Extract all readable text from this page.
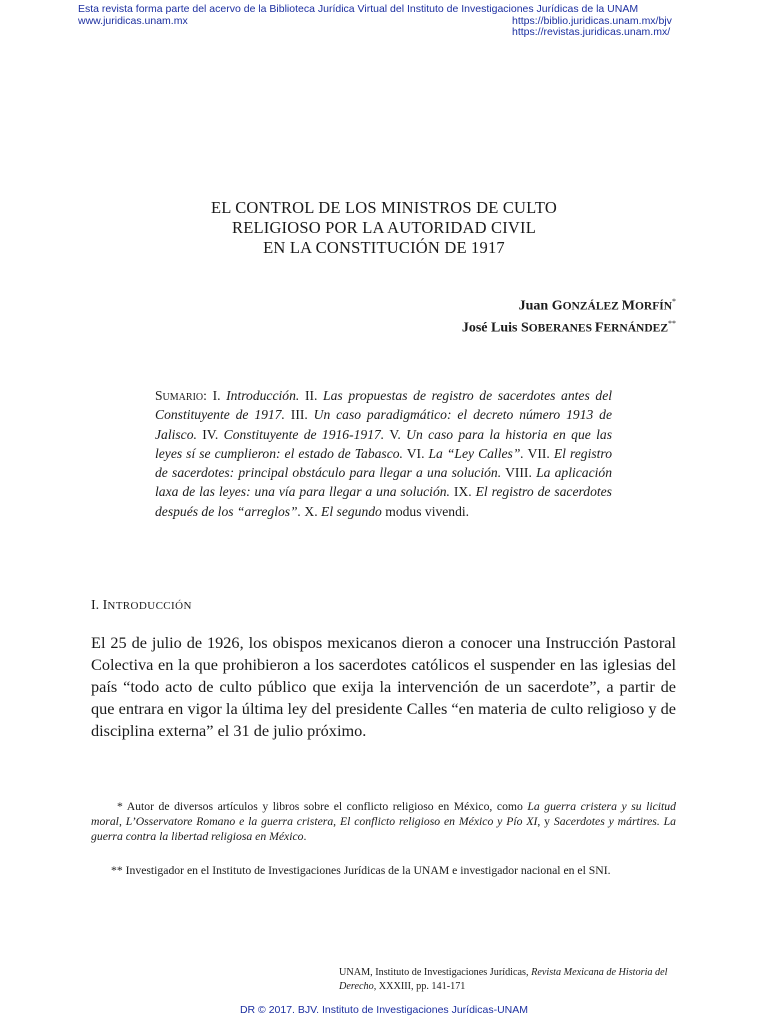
Esta revista forma parte del acervo de la Biblioteca Jurídica Virtual del Instituto de Investigaciones Jurídicas de la UNAM
www.juridicas.unam.mx	https://biblio.juridicas.unam.mx/bjv
https://revistas.juridicas.unam.mx/
EL CONTROL DE LOS MINISTROS DE CULTO
RELIGIOSO POR LA AUTORIDAD CIVIL
EN LA CONSTITUCIÓN DE 1917
Juan GONZÁLEZ MORFÍN*
José Luis SOBERANES FERNÁNDEZ**
Sumario: I. Introducción. II. Las propuestas de registro de sacerdotes antes del Constituyente de 1917. III. Un caso paradigmático: el decreto número 1913 de Jalisco. IV. Constituyente de 1916-1917. V. Un caso para la historia en que las leyes sí se cumplieron: el estado de Tabasco. VI. La “Ley Calles”. VII. El registro de sacerdotes: principal obstáculo para llegar a una solución. VIII. La aplicación laxa de las leyes: una vía para llegar a una solución. IX. El registro de sacerdotes después de los “arreglos”. X. El segundo modus vivendi.
I. INTRODUCCIÓN
El 25 de julio de 1926, los obispos mexicanos dieron a conocer una Instrucción Pastoral Colectiva en la que prohibieron a los sacerdotes católicos el suspender en las iglesias del país “todo acto de culto público que exija la intervención de un sacerdote”, a partir de que entrara en vigor la última ley del presidente Calles “en materia de culto religioso y de disciplina externa” el 31 de julio próximo.
* Autor de diversos artículos y libros sobre el conflicto religioso en México, como La guerra cristera y su licitud moral, L’Osservatore Romano e la guerra cristera, El conflicto religioso en México y Pío XI, y Sacerdotes y mártires. La guerra contra la libertad religiosa en México.
** Investigador en el Instituto de Investigaciones Jurídicas de la UNAM e investigador nacional en el SNI.
UNAM, Instituto de Investigaciones Jurídicas, Revista Mexicana de Historia del Derecho, XXXIII, pp. 141-171
DR © 2017. BJV. Instituto de Investigaciones Jurídicas-UNAM
